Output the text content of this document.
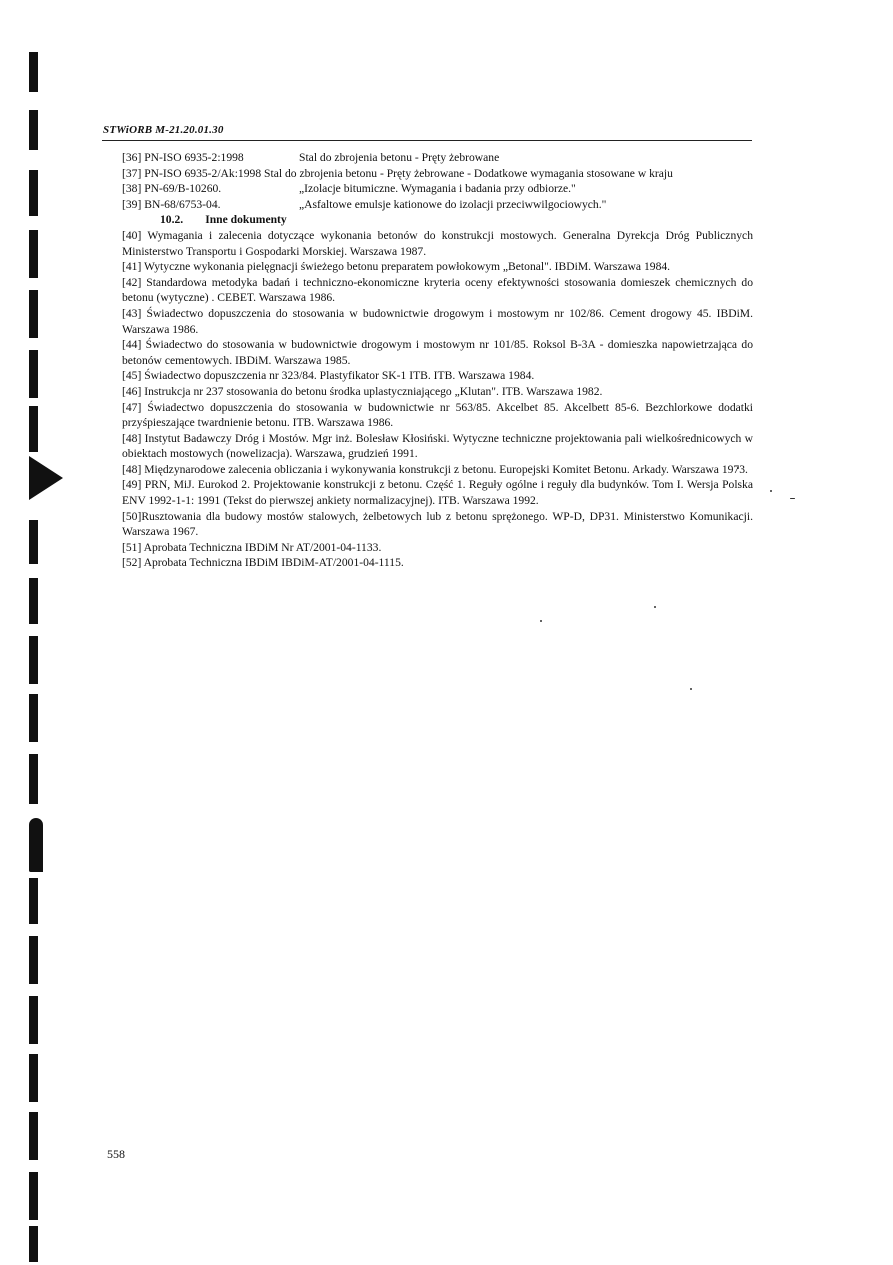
STWiORB M-21.20.01.30
[36] PN-ISO 6935-2:1998	Stal do zbrojenia betonu - Pręty żebrowane

[37] PN-ISO 6935-2/Ak:1998 Stal do zbrojenia betonu - Pręty żebrowane - Dodatkowe wymagania stosowane w kraju

[38] PN-69/B-10260.	„Izolacje bitumiczne. Wymagania i badania przy odbiorze."
[39] BN-68/6753-04.	„Asfaltowe emulsje kationowe do izolacji przeciwwilgociowych."

10.2. Inne dokumenty

[40] Wymagania i zalecenia dotyczące wykonania betonów do konstrukcji mostowych. Generalna Dyrekcja Dróg Publicznych Ministerstwo Transportu i Gospodarki Morskiej. Warszawa 1987.

[41] Wytyczne wykonania pielęgnacji świeżego betonu preparatem powłokowym „Betonal". IBDiM. Warszawa 1984.

[42] Standardowa metodyka badań i techniczno-ekonomiczne kryteria oceny efektywności stosowania domieszek chemicznych do betonu (wytyczne) . CEBET. Warszawa 1986.

[43] Świadectwo dopuszczenia do stosowania w budownictwie drogowym i mostowym nr 102/86. Cement drogowy 45. IBDiM. Warszawa 1986.

[44] Świadectwo do stosowania w budownictwie drogowym i mostowym nr 101/85. Roksol B-3A - domieszka napowietrzająca do betonów cementowych. IBDiM. Warszawa 1985.

[45] Świadectwo dopuszczenia nr 323/84. Plastyfikator SK-1 ITB. ITB. Warszawa 1984.

[46] Instrukcja nr 237 stosowania do betonu środka uplastyczniającego „Klutan". ITB. Warszawa 1982.

[47] Świadectwo dopuszczenia do stosowania w budownictwie nr 563/85. Akcelbet 85. Akcelbett 85-6. Bezchlorkowe dodatki przyśpieszające twardnienie betonu. ITB. Warszawa 1986.

[48] Instytut Badawczy Dróg i Mostów. Mgr inż. Bolesław Kłosiński. Wytyczne techniczne projektowania pali wielkośrednicowych w obiektach mostowych (nowelizacja). Warszawa, grudzień 1991.

[48] Międzynarodowe zalecenia obliczania i wykonywania konstrukcji z betonu. Europejski Komitet Betonu. Arkady. Warszawa 1973.

[49] PRN, MiJ. Eurokod 2. Projektowanie konstrukcji z betonu. Część 1. Reguły ogólne i reguły dla budynków. Tom I. Wersja Polska ENV 1992-1-1: 1991 (Tekst do pierwszej ankiety normalizacyjnej). ITB. Warszawa 1992.

[50]Rusztowania dla budowy mostów stalowych, żelbetowych lub z betonu sprężonego. WP-D, DP31. Ministerstwo Komunikacji. Warszawa 1967.

[51] Aprobata Techniczna IBDiM Nr AT/2001-04-1133.

[52] Aprobata Techniczna IBDiM IBDiM-AT/2001-04-1115.

558
